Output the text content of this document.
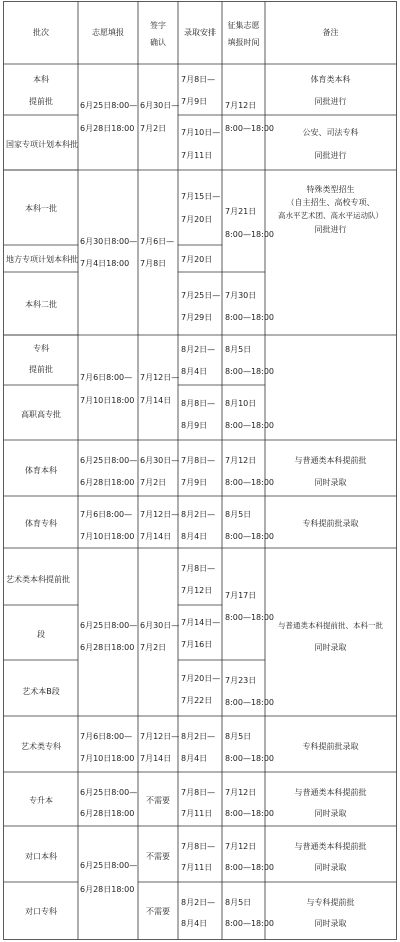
批次	志愿填报
签字
确认
录取安排
征集志愿
填报时间
备注
本科
提前批
国家专项计划本科批
本科一批
地方专项计划本科批
本科二批
专科
提前批
高职高专批
体育本科
体育专科
艺术类本科提前批
段
艺术本B段
艺术类专科
专升本
对口本科
对口专科
6月25日8:00—
6月28日18:00
6月30日8:00—
7月4日18:00
7月6日8:00—
7月10日18:00
6月25日8:00—
6月28日18:00
7月6日8:00—
7月10日18:00
6月25日8:00—
6月28日18:00
7月6日8:00—
7月10日18:00
6月25日8:00—
6月28日18:00
6月25日8:00—
6月28日18:00
6月30日—
7月2日
7月6日—
7月8日
7月12日—
7月14日
6月30日—
7月2日
7月12日—
7月14日
6月30日—
7月2日
7月12日—
7月14日
不需要
不需要
不需要
7月8日—
7月9日
7月10日—
7月11日
7月15日—
7月20日
7月20日
7月25日—
7月29日
8月2日—
8月4日
8月8日—
8月9日
7月8日—
7月9日
8月2日—
8月4日
7月8日—
7月12日
7月14日—
7月16日
7月20日—
7月22日
8月2日—
8月4日
7月8日—
7月11日
7月8日—
7月11日
8月2日—
8月4日
7月12日
8:00—18:00
7月21日
8:00—18:00
7月30日
8:00—18:00
8月5日
8:00—18:00
8月10日
8:00—18:00
7月12日
8:00—18:00
8月5日
8:00—18:00
7月17日
8:00—18:00
7月23日
8:00—18:00
8月5日
8:00—18:00
7月12日
8:00—18:00
7月12日
8:00—18:00
8月5日
8:00—18:00
体育类本科
同批进行
公安、司法专科
同批进行
特殊类型招生
（自主招生、高校专项、
高水平艺术团、高水平运动队）
同批进行
与普通类本科提前批
同时录取
专科提前批录取
与普通类本科提前批、本科一批
同时录取
专科提前批录取
与普通类本科提前批
同时录取
与普通类本科提前批
同时录取
与专科提前批
同时录取
